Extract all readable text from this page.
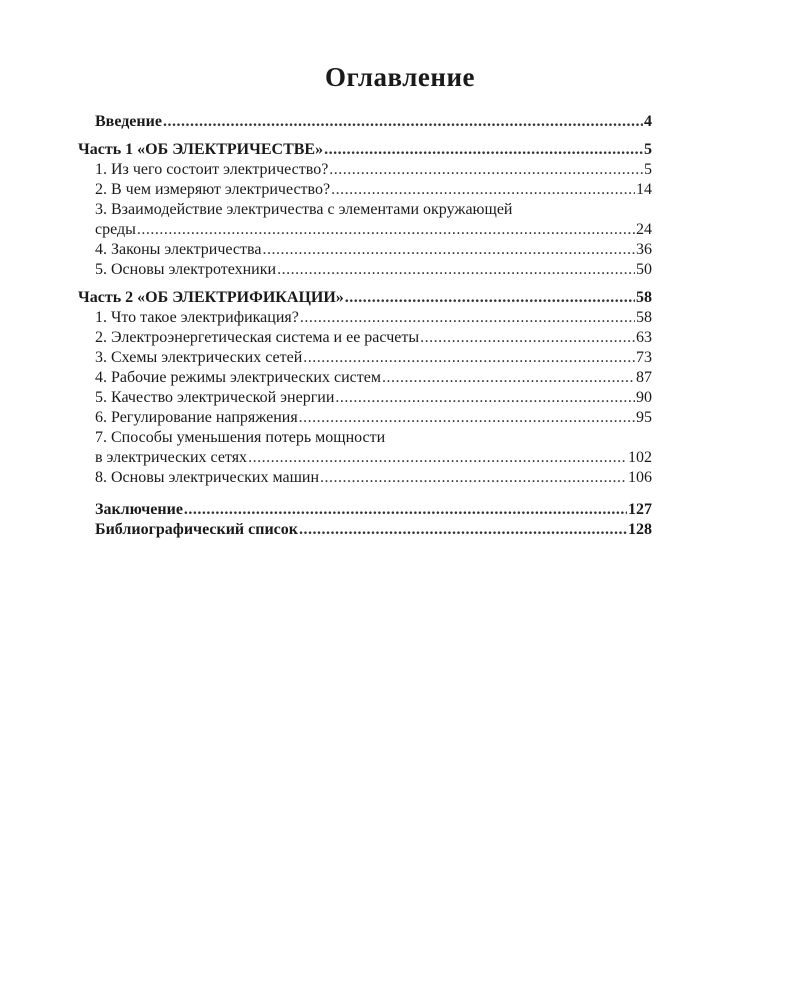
Оглавление
Введение .....	4
Часть 1 «ОБ ЭЛЕКТРИЧЕСТВЕ» .....	5
1. Из чего состоит электричество? .....	5
2. В чем измеряют электричество? .....	14
3. Взаимодействие электричества с элементами окружающей
среды .....	24
4. Законы электричества .....	36
5. Основы электротехники .....	50
Часть 2 «ОБ ЭЛЕКТРИФИКАЦИИ» .....	58
1. Что такое электрификация? .....	58
2. Электроэнергетическая система и ее расчеты .....	63
3. Схемы электрических сетей .....	73
4. Рабочие режимы электрических систем .....	87
5. Качество электрической энергии .....	90
6. Регулирование напряжения .....	95
7. Способы уменьшения потерь мощности
в электрических сетях .....	102
8. Основы электрических машин .....	106
Заключение .....	127
Библиографический список .....	128
